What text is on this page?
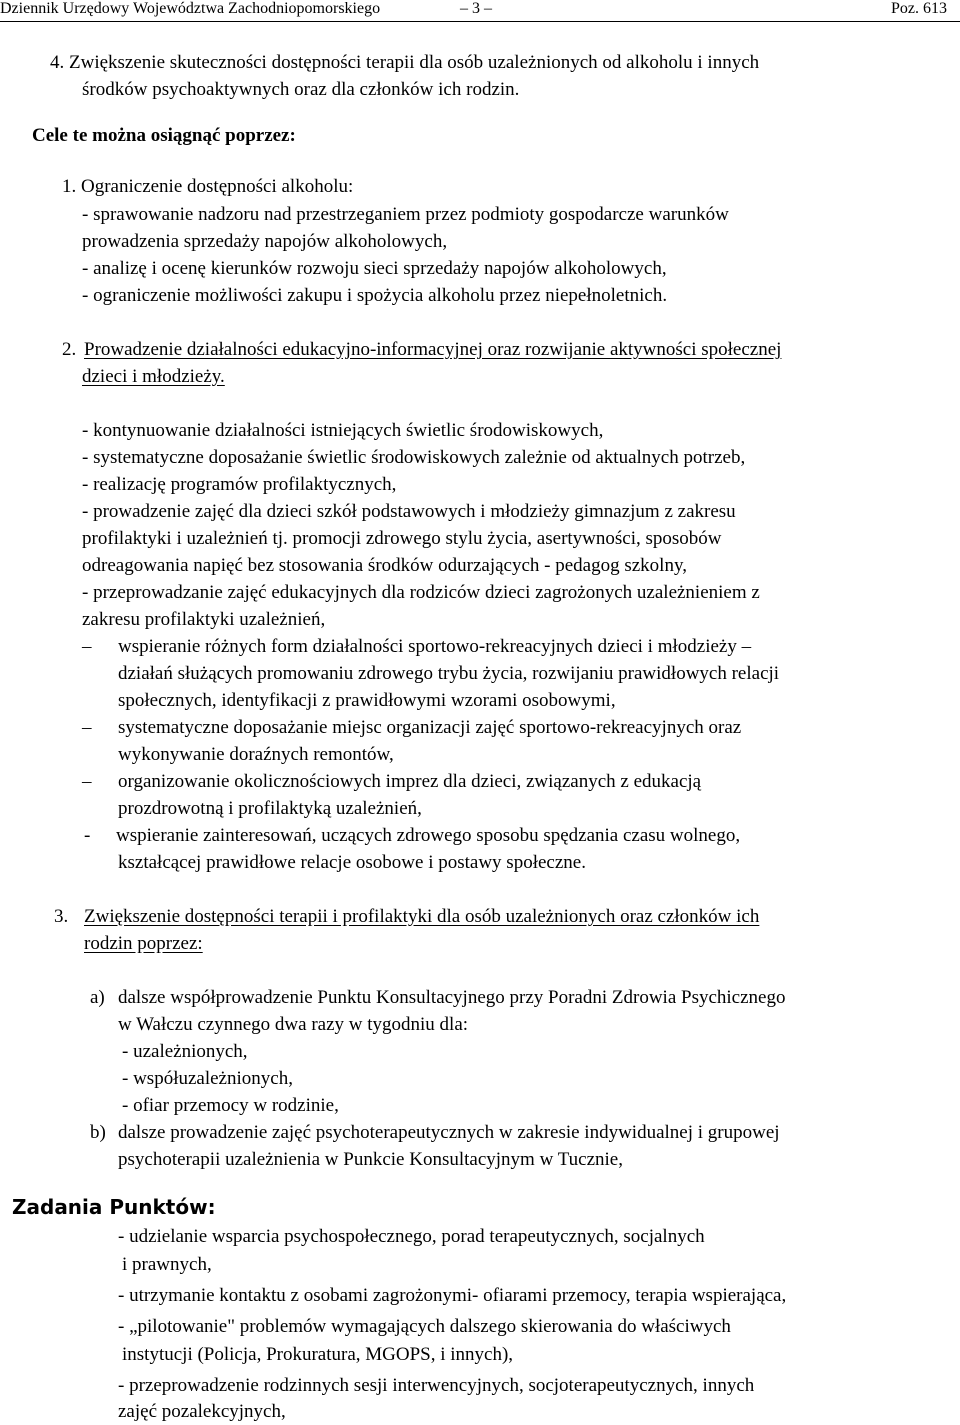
Dziennik Urzędowy Województwa Zachodniopomorskiego	– 3 –	Poz. 613
4. Zwiększenie skuteczności dostępności terapii dla osób uzależnionych od alkoholu i innych
środków psychoaktywnych oraz dla członków ich rodzin.
Cele te można osiągnąć poprzez:
1. Ograniczenie dostępności alkoholu:
- sprawowanie nadzoru nad przestrzeganiem przez podmioty gospodarcze warunków
prowadzenia sprzedaży napojów alkoholowych,
- analizę i ocenę kierunków rozwoju sieci sprzedaży napojów alkoholowych,
- ograniczenie możliwości zakupu i spożycia alkoholu przez niepełnoletnich.
2. Prowadzenie działalności edukacyjno-informacyjnej oraz rozwijanie aktywności społecznej
dzieci i młodzieży.
- kontynuowanie działalności istniejących świetlic środowiskowych,
- systematyczne doposażanie świetlic środowiskowych zależnie od aktualnych potrzeb,
- realizację programów profilaktycznych,
- prowadzenie zajęć dla dzieci szkół podstawowych i młodzieży gimnazjum z zakresu
profilaktyki i uzależnień tj. promocji zdrowego stylu życia, asertywności, sposobów
odreagowania napięć bez stosowania środków odurzających - pedagog szkolny,
- przeprowadzanie zajęć edukacyjnych dla rodziców dzieci zagrożonych uzależnieniem z
zakresu profilaktyki uzależnień,
– wspieranie różnych form działalności sportowo-rekreacyjnych dzieci i młodzieży –
działań służących promowaniu zdrowego trybu życia, rozwijaniu prawidłowych relacji
społecznych, identyfikacji z prawidłowymi wzorami osobowymi,
– systematyczne doposażanie miejsc organizacji zajęć sportowo-rekreacyjnych oraz
wykonywanie doraźnych remontów,
– organizowanie okolicznościowych imprez dla dzieci, związanych z edukacją
prozdrowotną i profilaktyką uzależnień,
- wspieranie zainteresowań, uczących zdrowego sposobu spędzania czasu wolnego,
kształcącej prawidłowe relacje osobowe i postawy społeczne.
3. Zwiększenie dostępności terapii i profilaktyki dla osób uzależnionych oraz członków ich
rodzin poprzez:
a) dalsze współprowadzenie Punktu Konsultacyjnego przy Poradni Zdrowia Psychicznego
w Wałczu czynnego dwa razy w tygodniu dla:
- uzależnionych,
- współuzależnionych,
- ofiar przemocy w rodzinie,
b) dalsze prowadzenie zajęć psychoterapeutycznych w zakresie indywidualnej i grupowej
psychoterapii uzależnienia w Punkcie Konsultacyjnym w Tucznie,
Zadania Punktów:
- udzielanie wsparcia psychospołecznego, porad terapeutycznych, socjalnych
i prawnych,
- utrzymanie kontaktu z osobami zagrożonymi- ofiarami przemocy, terapia wspierająca,
- „pilotowanie" problemów wymagających dalszego skierowania do właściwych
instytucji (Policja, Prokuratura, MGOPS, i innych),
- przeprowadzenie rodzinnych sesji interwencyjnych, socjoterapeutycznych, innych
zajęć pozalekcyjnych,
